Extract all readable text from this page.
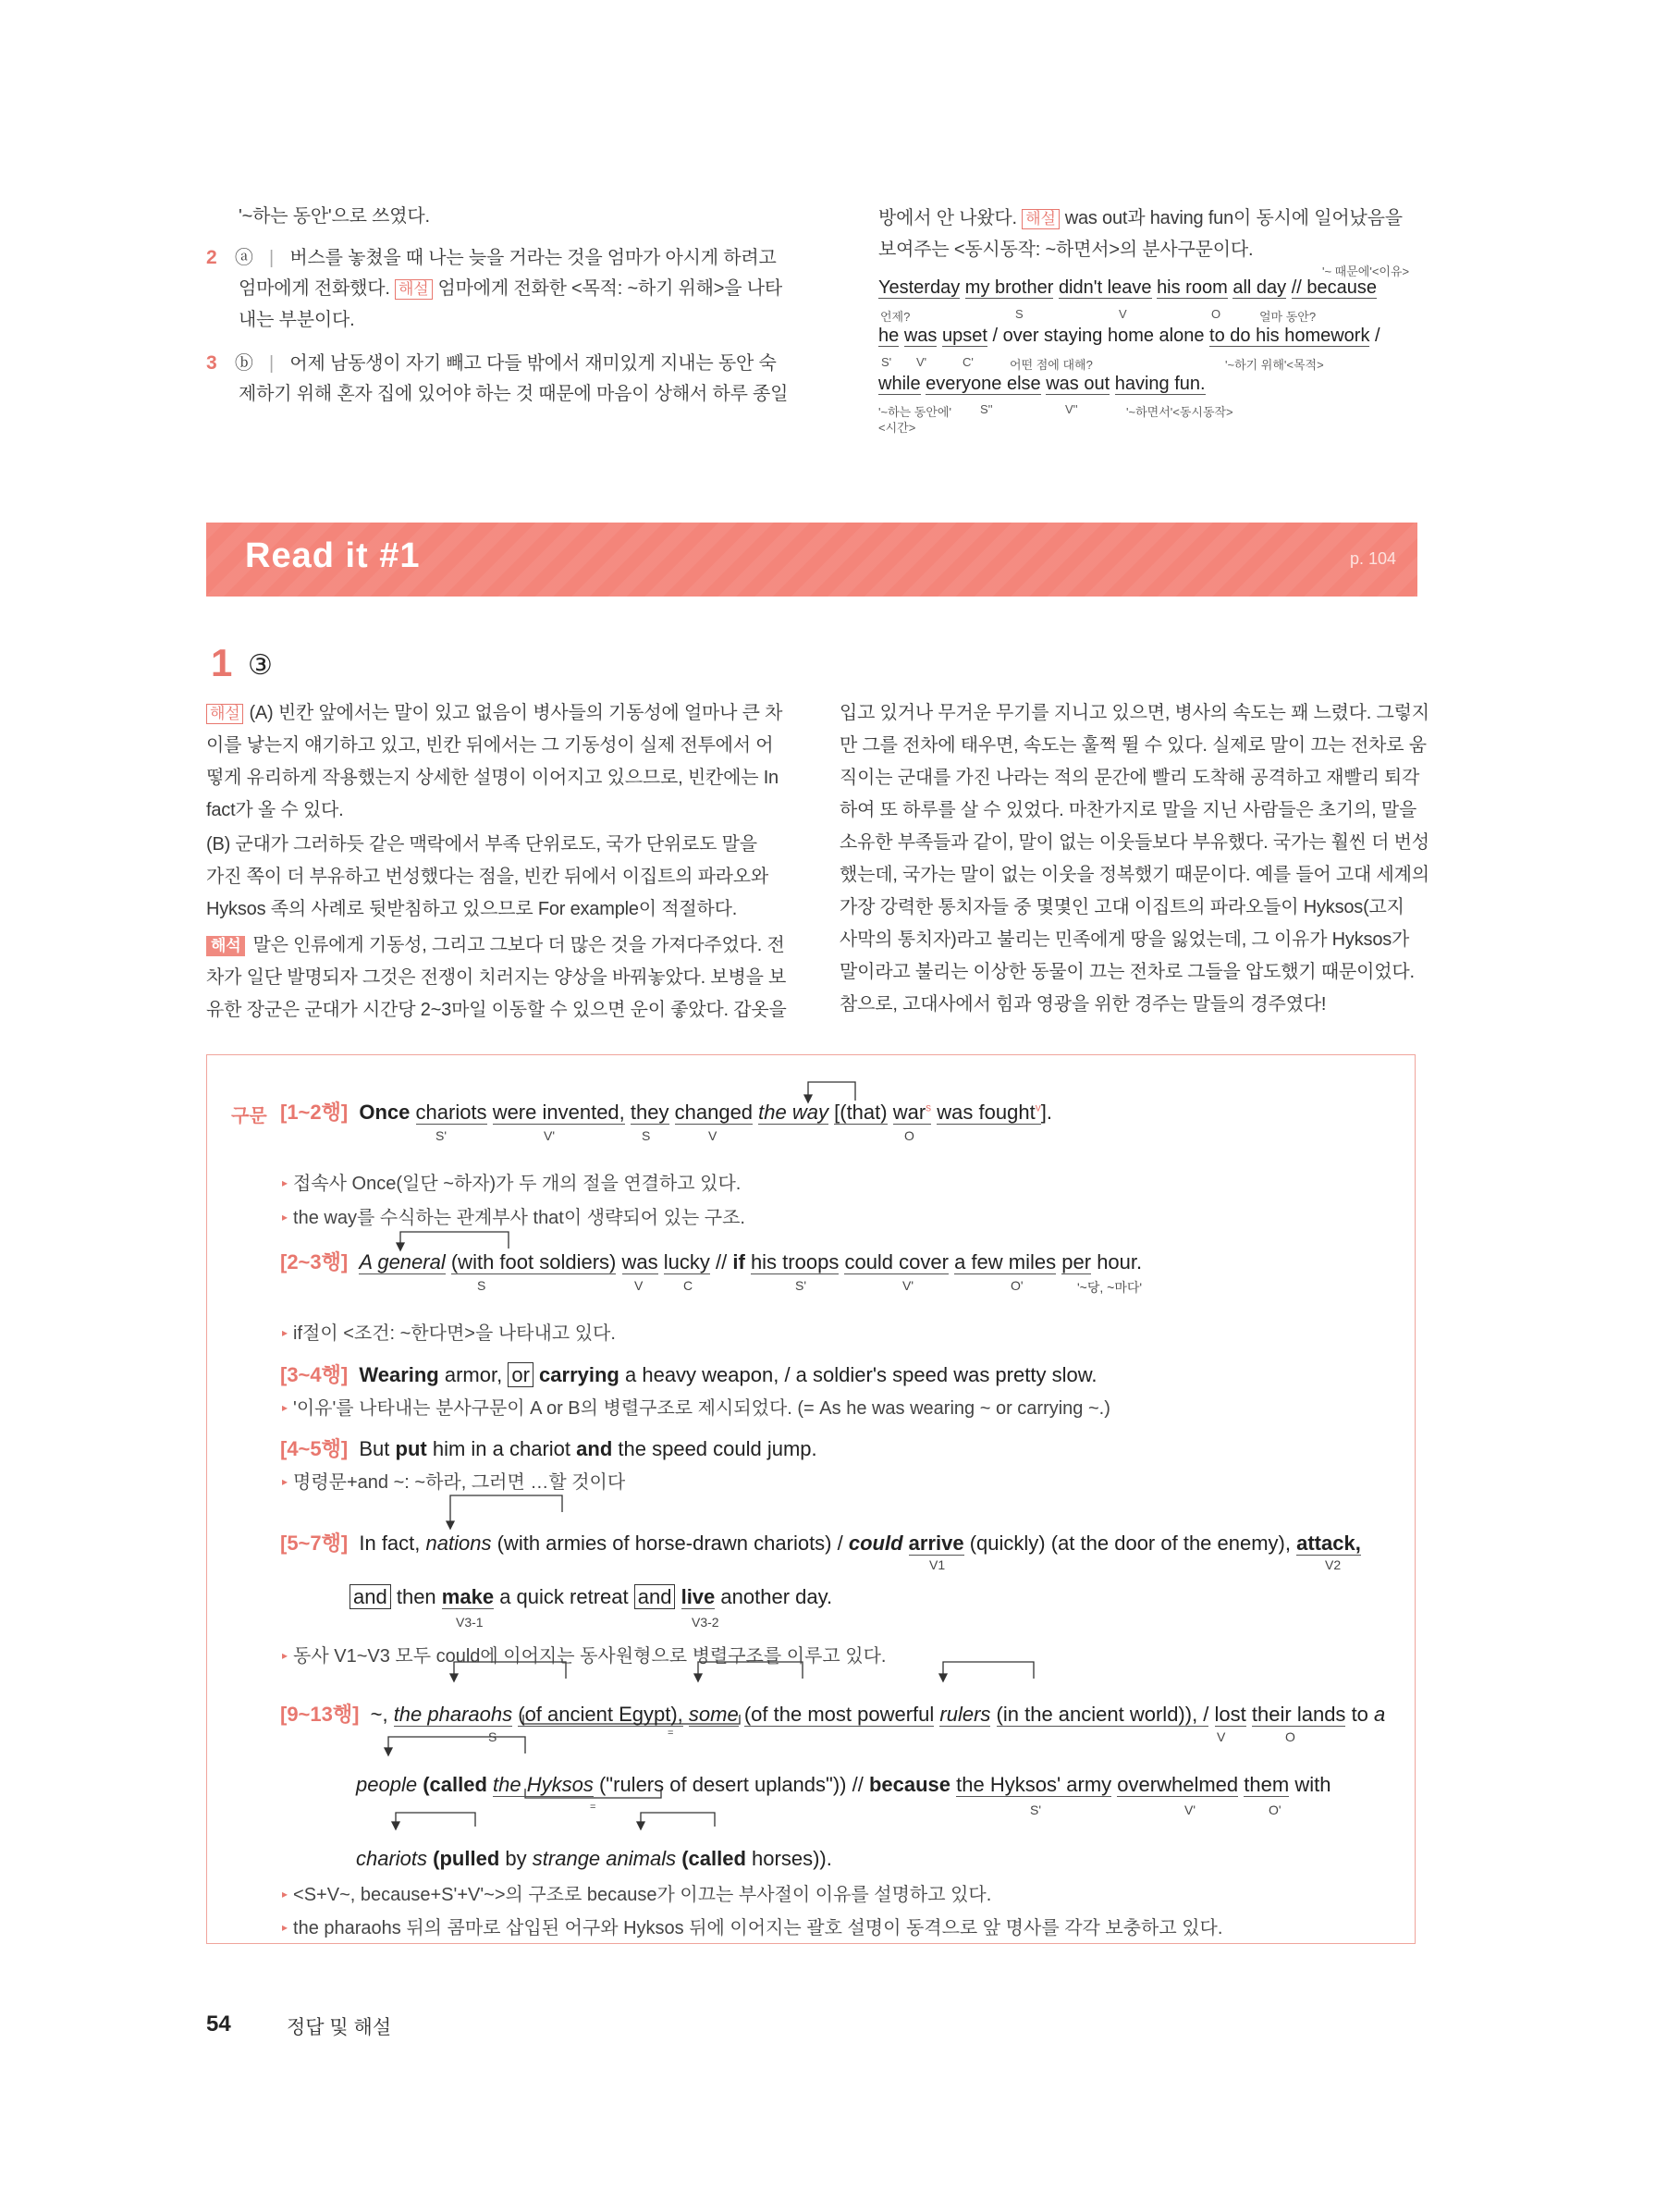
'~하는 동안'으로 쓰였다.
2 ⓐ | 버스를 놓쳤을 때 나는 늦을 거라는 것을 엄마가 아시게 하려고
엄마에게 전화했다. 해설 엄마에게 전화한 <목적: ~하기 위해>을 나타
내는 부분이다.
3 ⓑ | 어제 남동생이 자기 빼고 다들 밖에서 재미있게 지내는 동안 숙
제하기 위해 혼자 집에 있어야 하는 것 때문에 마음이 상해서 하루 종일
방에서 안 나왔다. 해설 was out과 having fun이 동시에 일어났음을
보여주는 <동시동작: ~하면서>의 분사구문이다.
'~ 때문에'<이유>
Yesterday my brother didn't leave his room all day // because
언제?	S	V	O	얼마 동안?
he was upset / over staying home alone to do his homework /
S' V'	C'	어떤 점에 대해?	'~하기 위해'<목적>
while everyone else was out having fun.
'~하는 동안에' S''	V''	'~하면서'<동시동작>
<시간>
Read it #1	p. 104
1 ③
해설 (A) 빈칸 앞에서는 말이 있고 없음이 병사들의 기동성에 얼마나 큰 차
이를 낳는지 얘기하고 있고, 빈칸 뒤에서는 그 기동성이 실제 전투에서 어
떻게 유리하게 작용했는지 상세한 설명이 이어지고 있으므로, 빈칸에는 In
fact가 올 수 있다.
(B) 군대가 그러하듯 같은 맥락에서 부족 단위로도, 국가 단위로도 말을
가진 쪽이 더 부유하고 번성했다는 점을, 빈칸 뒤에서 이집트의 파라오와
Hyksos 족의 사례로 뒷받침하고 있으므로 For example이 적절하다.
해석 말은 인류에게 기동성, 그리고 그보다 더 많은 것을 가져다주었다. 전
차가 일단 발명되자 그것은 전쟁이 치러지는 양상을 바꿔놓았다. 보병을 보
유한 장군은 군대가 시간당 2~3마일 이동할 수 있으면 운이 좋았다. 갑옷을
입고 있거나 무거운 무기를 지니고 있으면, 병사의 속도는 꽤 느렸다. 그렇지
만 그를 전차에 태우면, 속도는 훌쩍 뛸 수 있다. 실제로 말이 끄는 전차로 움
직이는 군대를 가진 나라는 적의 문간에 빨리 도착해 공격하고 재빨리 퇴각
하여 또 하루를 살 수 있었다. 마찬가지로 말을 지닌 사람들은 초기의, 말을
소유한 부족들과 같이, 말이 없는 이웃들보다 부유했다. 국가는 훨씬 더 번성
했는데, 국가는 말이 없는 이웃을 정복했기 때문이다. 예를 들어 고대 세계의
가장 강력한 통치자들 중 몇몇인 고대 이집트의 파라오들이 Hyksos(고지
사막의 통치자)라고 불리는 민족에게 땅을 잃었는데, 그 이유가 Hyksos가
말이라고 불리는 이상한 동물이 끄는 전차로 그들을 압도했기 때문이었다.
참으로, 고대사에서 힘과 영광을 위한 경주는 말들의 경주였다!
구문 [1~2행] Once chariots were invented, they changed the way [(that) war$^s$ was fought$^v$].
S'	V'	S	V	O
▸ 접속사 Once(일단 ~하자)가 두 개의 절을 연결하고 있다.
▸ the way를 수식하는 관계부사 that이 생략되어 있는 구조.
[2~3행] A general (with foot soldiers) was lucky // if his troops could cover a few miles per hour.
S	V	C	S'	V'	O'	'~당, ~마다'
▸ if절이 <조건: ~한다면>을 나타내고 있다.
[3~4행] Wearing armor, or carrying a heavy weapon, / a soldier's speed was pretty slow.
▸ '이유'를 나타내는 분사구문이 A or B의 병렬구조로 제시되었다. (= As he was wearing ~ or carrying ~.)
[4~5행] But put him in a chariot and the speed could jump.
▸ 명령문+and ~: ~하라, 그러면 …할 것이다
[5~7행] In fact, nations (with armies of horse-drawn chariots) / could arrive (quickly) (at the door of the enemy), attack,
V1	V2
and then make a quick retreat and live another day.
V3-1	V3-2
▸ 동사 V1~V3 모두 could에 이어지는 동사원형으로 병렬구조를 이루고 있다.
[9~13행] ~, the pharaohs (of ancient Egypt), some (of the most powerful rulers (in the ancient world)), / lost their lands to a
S	=	V	O
people (called the Hyksos ("rulers of desert uplands")) // because the Hyksos' army overwhelmed them with
=	S'	V'	O'
chariots (pulled by strange animals (called horses)).
▸ <S+V~, because+S'+V'~>의 구조로 because가 이끄는 부사절이 이유를 설명하고 있다.
▸ the pharaohs 뒤의 콤마로 삽입된 어구와 Hyksos 뒤에 이어지는 괄호 설명이 동격으로 앞 명사를 각각 보충하고 있다.
54	정답 및 해설
